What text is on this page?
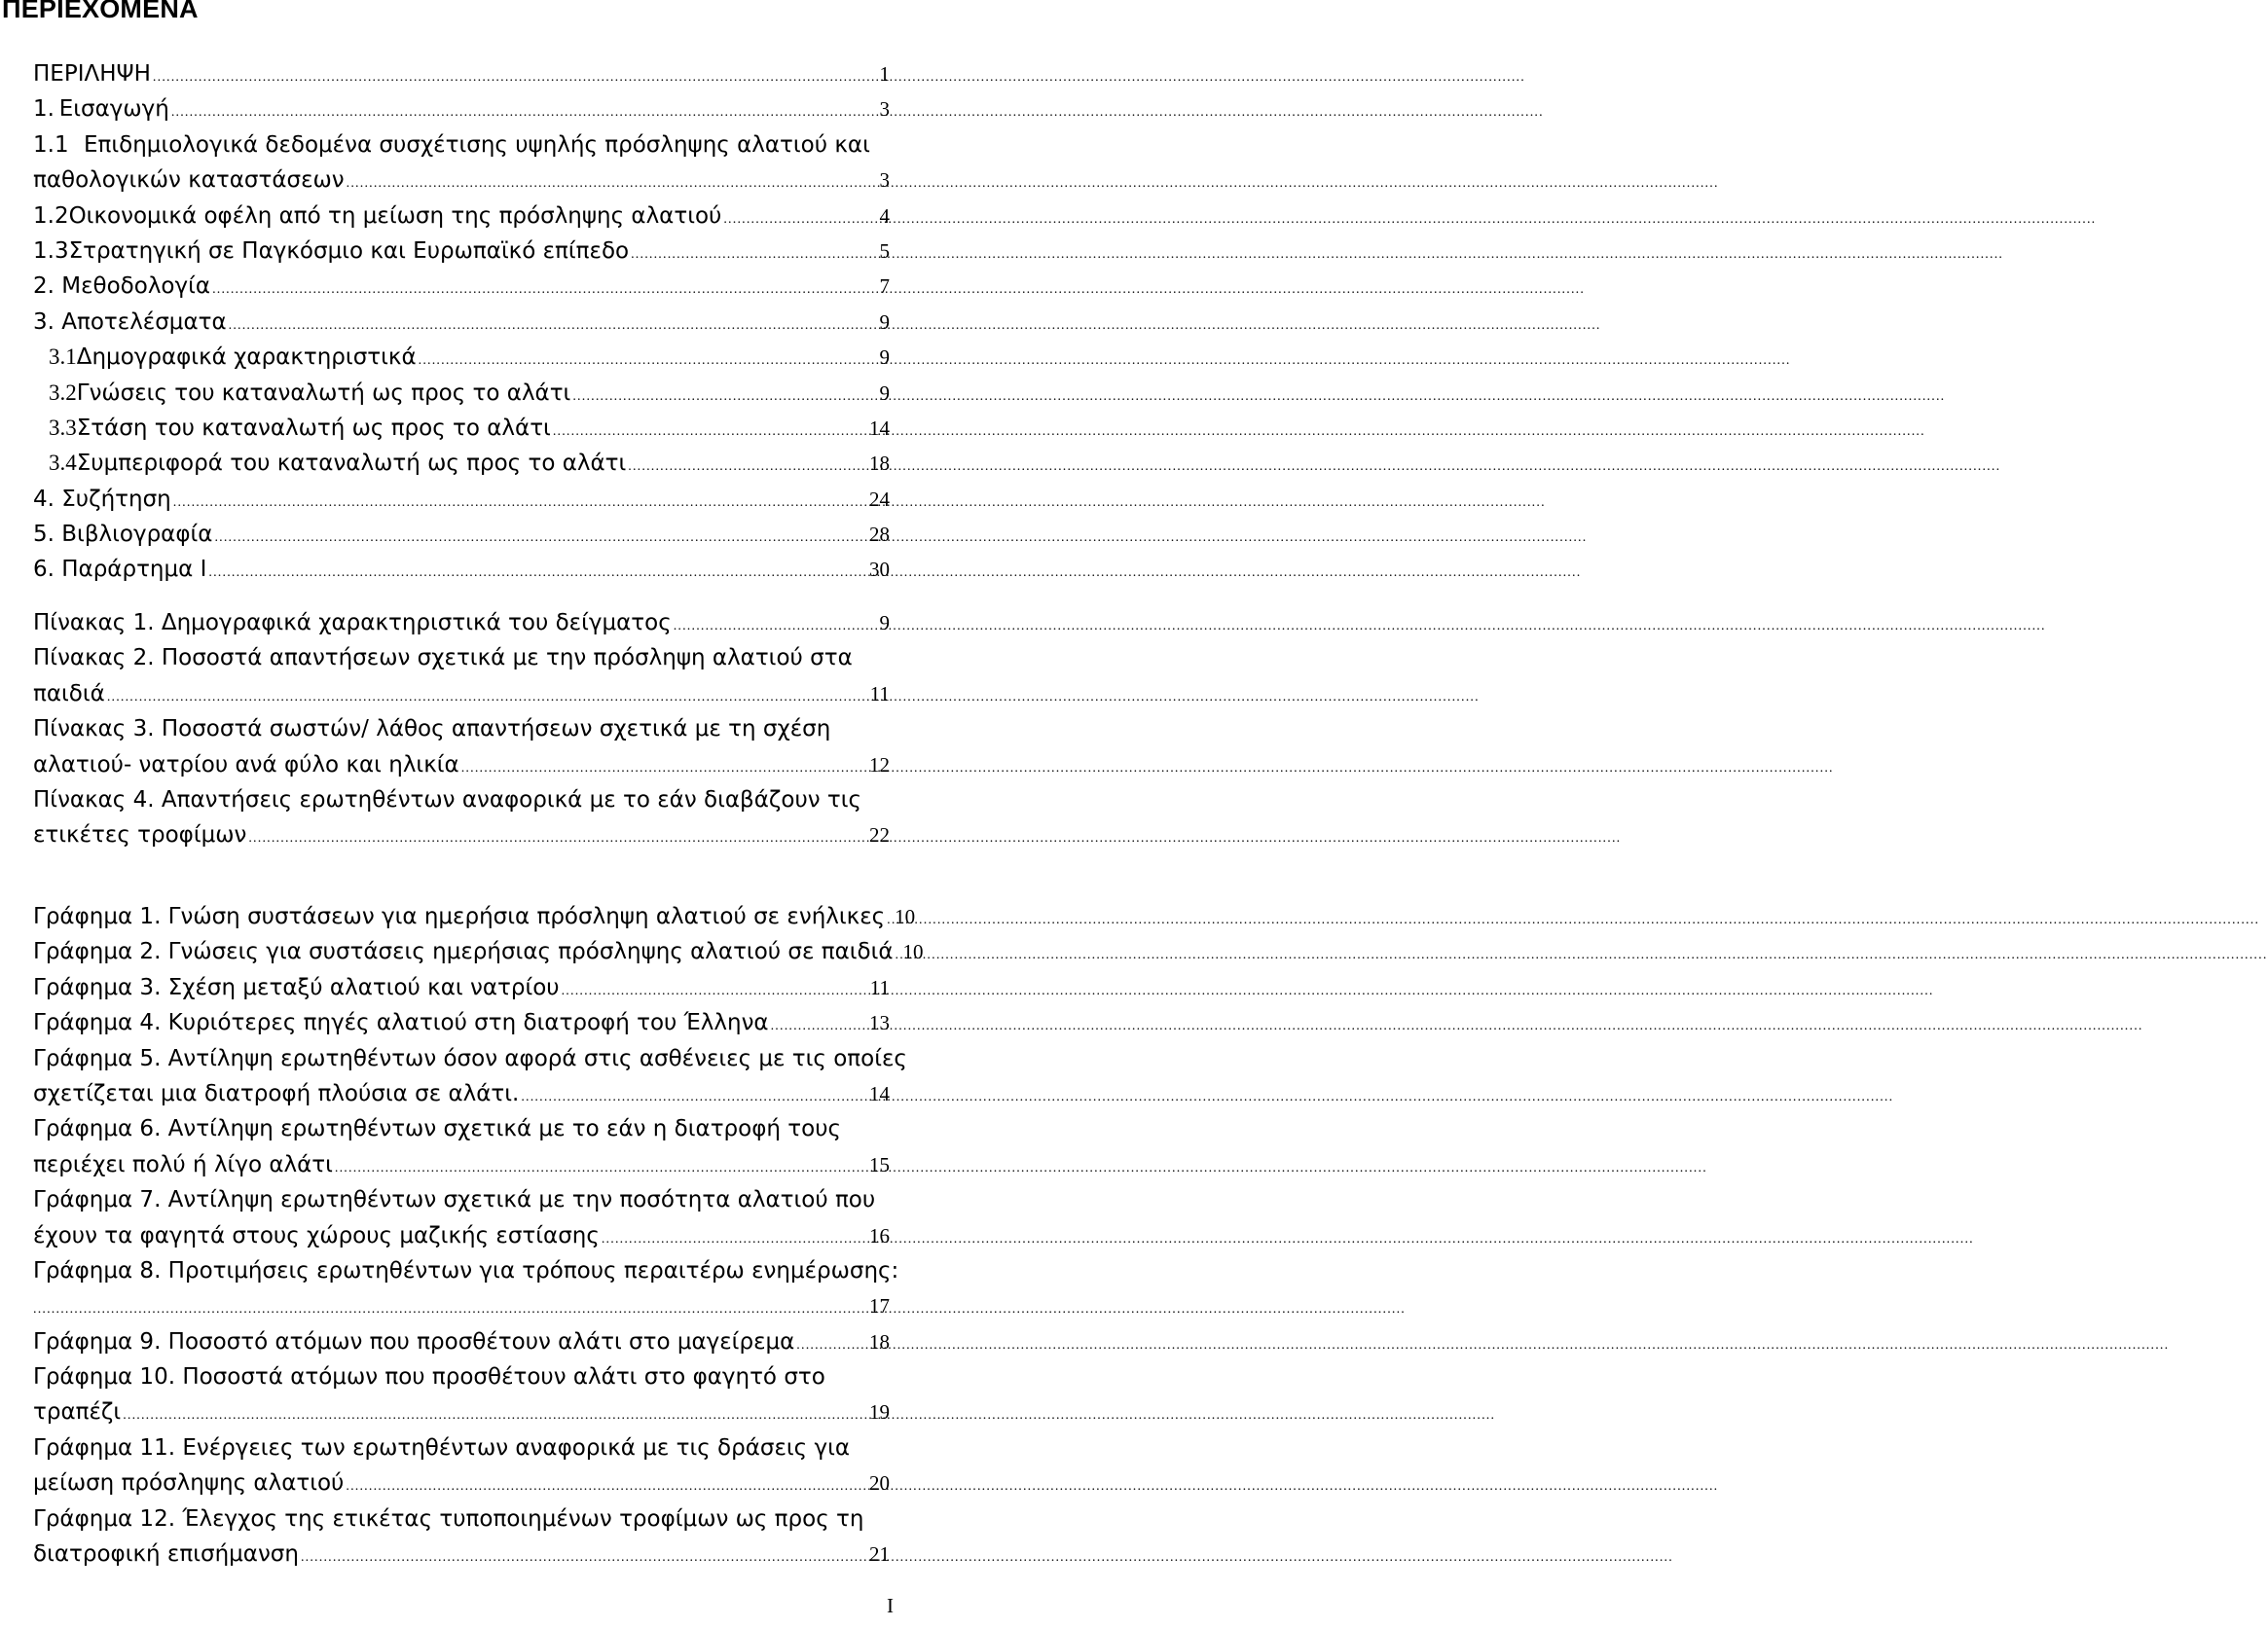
ΠΕΡΙΕΧΟΜΕΝΑ
ΠΕΡΙΛΗΨΗ .....	1
1. Εισαγωγή .....	3
1.1 Επιδημιολογικά δεδομένα συσχέτισης υψηλής πρόσληψης αλατιού και
παθολογικών καταστάσεων .....	3
1.2 Οικονομικά οφέλη από τη μείωση της πρόσληψης αλατιού .....	4
1.3 Στρατηγική σε Παγκόσμιο και Ευρωπαϊκό επίπεδο .....	5
2. Μεθοδολογία .....	7
3. Αποτελέσματα .....	9
3.1 Δημογραφικά χαρακτηριστικά .....	9
3.2 Γνώσεις του καταναλωτή ως προς το αλάτι .....	9
3.3 Στάση του καταναλωτή ως προς το αλάτι .....	14
3.4 Συμπεριφορά του καταναλωτή ως προς το αλάτι .....	18
4. Συζήτηση .....	24
5. Βιβλιογραφία .....	28
6. Παράρτημα Ι .....	30
Πίνακας 1. Δημογραφικά χαρακτηριστικά του δείγματος .....	9
Πίνακας 2. Ποσοστά απαντήσεων σχετικά με την πρόσληψη αλατιού στα
παιδιά .....	11
Πίνακας 3. Ποσοστά σωστών/ λάθος απαντήσεων σχετικά με τη σχέση
αλατιού- νατρίου ανά φύλο και ηλικία .....	12
Πίνακας 4. Απαντήσεις ερωτηθέντων αναφορικά με το εάν διαβάζουν τις
ετικέτες τροφίμων .....	22
Γράφημα 1. Γνώση συστάσεων για ημερήσια πρόσληψη αλατιού σε ενήλικες ..... 10
Γράφημα 2. Γνώσεις για συστάσεις ημερήσιας πρόσληψης αλατιού σε παιδιά ..... 10
Γράφημα 3. Σχέση μεταξύ αλατιού και νατρίου .....	11
Γράφημα 4. Κυριότερες πηγές αλατιού στη διατροφή του Έλληνα .....	13
Γράφημα 5. Αντίληψη ερωτηθέντων όσον αφορά στις ασθένειες με τις οποίες
σχετίζεται μια διατροφή πλούσια σε αλάτι. .....	14
Γράφημα 6. Αντίληψη ερωτηθέντων σχετικά με το εάν η διατροφή τους
περιέχει πολύ ή λίγο αλάτι .....	15
Γράφημα 7. Αντίληψη ερωτηθέντων σχετικά με την ποσότητα αλατιού που
έχουν τα φαγητά στους χώρους μαζικής εστίασης .....	16
Γράφημα 8. Προτιμήσεις ερωτηθέντων για τρόπους περαιτέρω ενημέρωσης:
.....
17
Γράφημα 9. Ποσοστό ατόμων που προσθέτουν αλάτι στο μαγείρεμα .....	18
Γράφημα 10. Ποσοστά ατόμων που προσθέτουν αλάτι στο φαγητό στο
τραπέζι .....	19
Γράφημα 11. Ενέργειες των ερωτηθέντων αναφορικά με τις δράσεις για
μείωση πρόσληψης αλατιού .....	20
Γράφημα 12. Έλεγχος της ετικέτας τυποποιημένων τροφίμων ως προς τη
διατροφική επισήμανση .....	21
I
